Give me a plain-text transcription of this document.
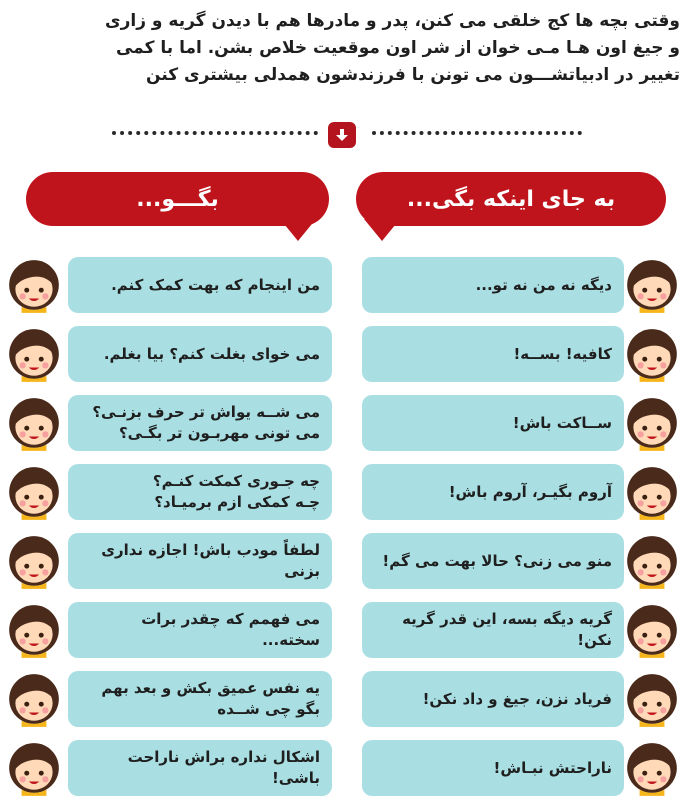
وقتی بچه ها کج خلقی می کنن، پدر و مادرها هم با دیدن گریه و زاری
و جیغ اون هـا مـی خوان از شر اون موقعیت خلاص بشن. اما با کمی
تغییر در ادبیاتشـــون می تونن با فرزندشون همدلی بیشتری کنن
بگـــو...	به جای اینکه بگی...
من اینجام که بهت کمک کنم.
می خوای بغلت کنم؟ بیا بغلم.
می شــه یواش تر حرف بزنـی؟
می تونی مهربـون تر بگـی؟
چه جـوری کمکت کنـم؟
چـه کمکی ازم برمیـاد؟
لطفاً مودب باش! اجازه نداری بزنی
می فهمم که چقدر برات سخته...
یه نفس عمیق بکش و بعد بهم
بگو چی شــده
اشکال نداره براش ناراحت باشی!
دیگه نه من نه تو...
کافیه! بســه!
ســاکت باش!
آروم بگیـر، آروم باش!
منو می زنی؟ حالا بهت می گم!
گریه دیگه بسه، این قدر گریه نکن!
فریاد نزن، جیغ و داد نکن!
ناراحتش نبـاش!
